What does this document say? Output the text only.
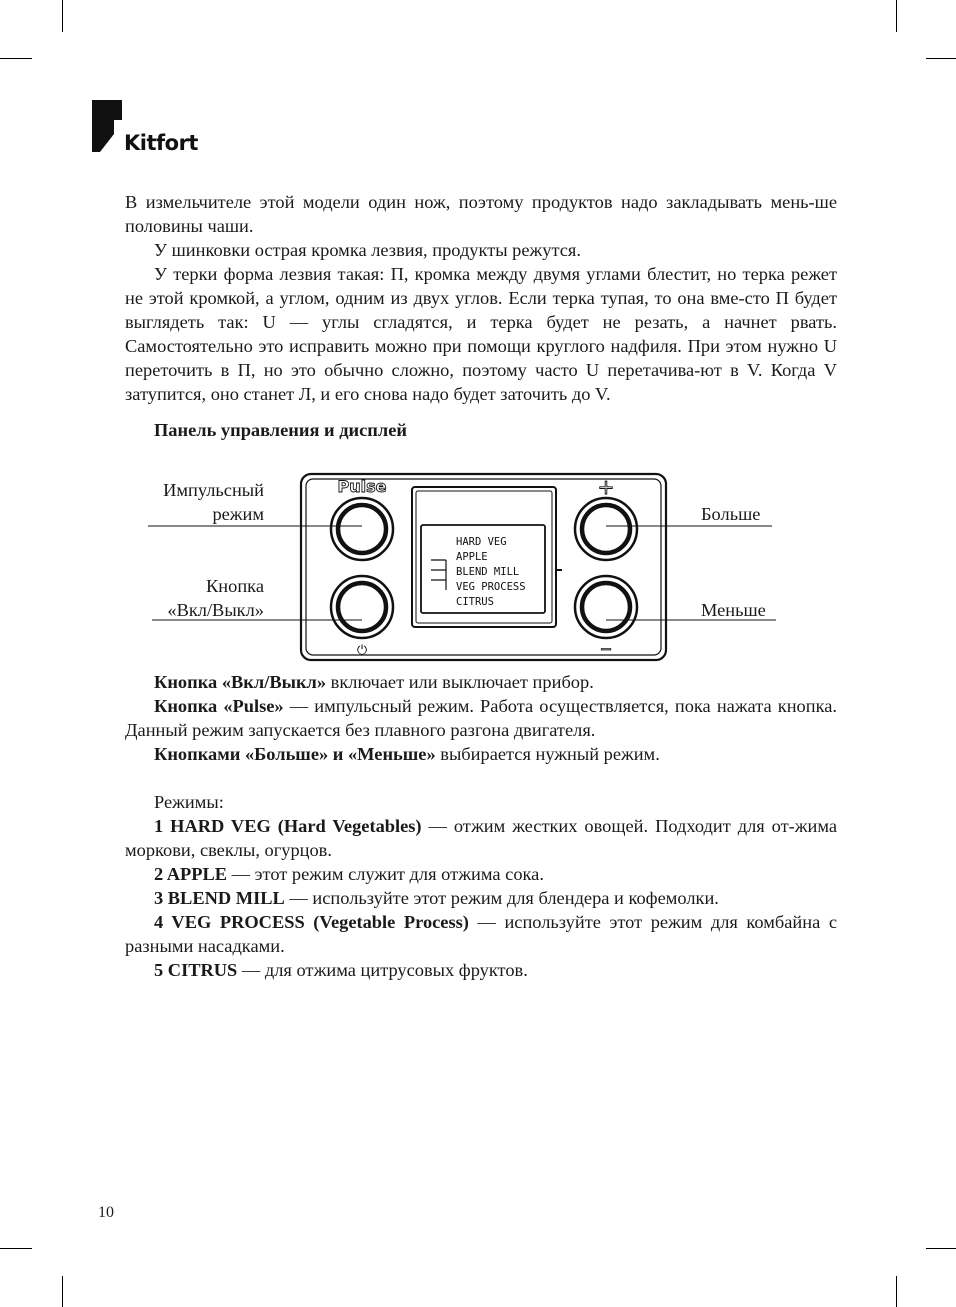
Kitfort

В измельчителе этой модели один нож, поэтому продуктов надо закладывать мень-ше половины чаши.

У шинковки острая кромка лезвия, продукты режутся.

У терки форма лезвия такая: П, кромка между двумя углами блестит, но терка режет не этой кромкой, а углом, одним из двух углов. Если терка тупая, то она вме-сто П будет выглядеть так: U — углы сгладятся, и терка будет не резать, а начнет рвать. Самостоятельно это исправить можно при помощи круглого надфиля. При этом нужно U переточить в П, но это обычно сложно, поэтому часто U перетачива-ют в V. Когда V затупится, оно станет Л, и его снова надо будет заточить до V.

Панель управления и дисплей
Pulse	+
−
⏻
HARD VEG
APPLE
BLEND MILL
VEG PROCESS
CITRUS
Импульсный
режим
Кнопка
«Вкл/Выкл»
Больше
Меньше

Кнопка «Вкл/Выкл» включает или выключает прибор.

Кнопка «Pulse» — импульсный режим. Работа осуществляется, пока нажата кнопка. Данный режим запускается без плавного разгона двигателя.

Кнопками «Больше» и «Меньше» выбирается нужный режим.

Режимы:

1 HARD VEG (Hard Vegetables) — отжим жестких овощей. Подходит для от-жима моркови, свеклы, огурцов.

2 APPLE — этот режим служит для отжима сока.

3 BLEND MILL — используйте этот режим для блендера и кофемолки.

4 VEG PROCESS (Vegetable Process) — используйте этот режим для комбайна с разными насадками.

5 CITRUS — для отжима цитрусовых фруктов.

10
